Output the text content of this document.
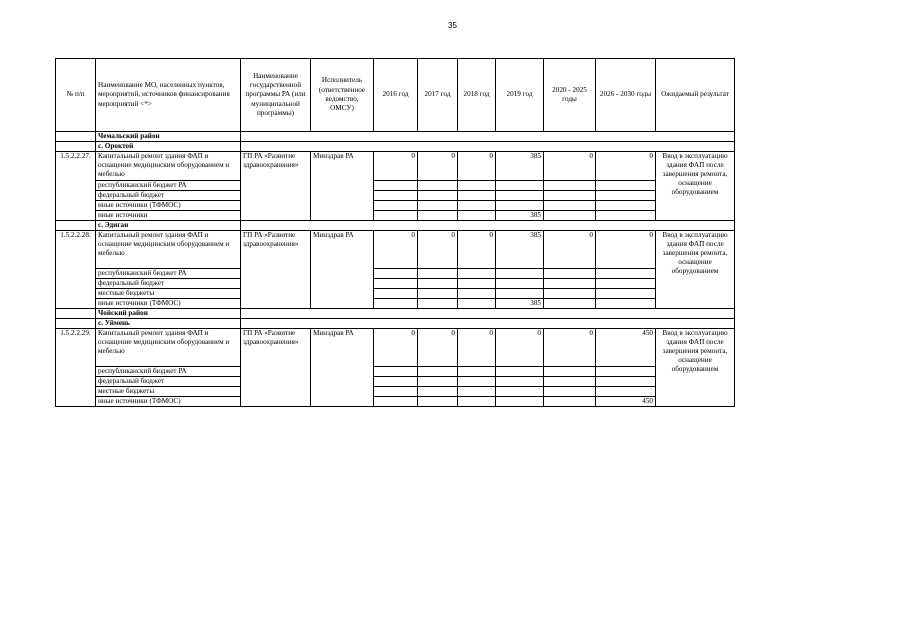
35
№ п/п	Наименование МО, населенных пунктов, мероприятий, источников финансирования мероприятий <*>	Наименование государственной программы РА (или муниципальной программы)	Исполнитель (ответственное ведомство, ОМСУ)	2016 год	2017 год	2018 год	2019 год	2020 - 2025 годы	2026 - 2030 годы	Ожидаемый результат
	Чемальский район									
	с. Ороктой									
1.5.2.2.27.	Капитальный ремонт здания ФАП и оснащение медицинским оборудованием и мебелью	ГП РА «Развитие здравоохранения»	Минздрав РА	0	0	0	385	0	0	Ввод в эксплуатацию здания ФАП после завершения ремонта, оснащение оборудованием
	республиканский бюджет РА									
	федеральный бюджет									
	иные источники (ТФМОС)									
	иные источники						385			
	с. Эдиган									
1.5.2.2.28.	Капитальный ремонт здания ФАП и оснащение медицинским оборудованием и мебелью	ГП РА «Развитие здравоохранения»	Минздрав РА	0	0	0	385	0	0	Ввод в эксплуатацию здания ФАП после завершения ремонта, оснащение оборудованием
	республиканский бюджет РА									
	федеральный бюджет									
	местные бюджеты									
	иные источники (ТФМОС)						385			
	Чойский район									
	с. Уймень									
1.5.2.2.29.	Капитальный ремонт здания ФАП и оснащение медицинским оборудованием и мебелью	ГП РА «Развитие здравоохранения»	Минздрав РА	0	0	0	0	0	450	Ввод в эксплуатацию здания ФАП после завершения ремонта, оснащение оборудованием
	республиканский бюджет РА									
	федеральный бюджет									
	местные бюджеты									
	иные источники (ТФМОС)								450	
